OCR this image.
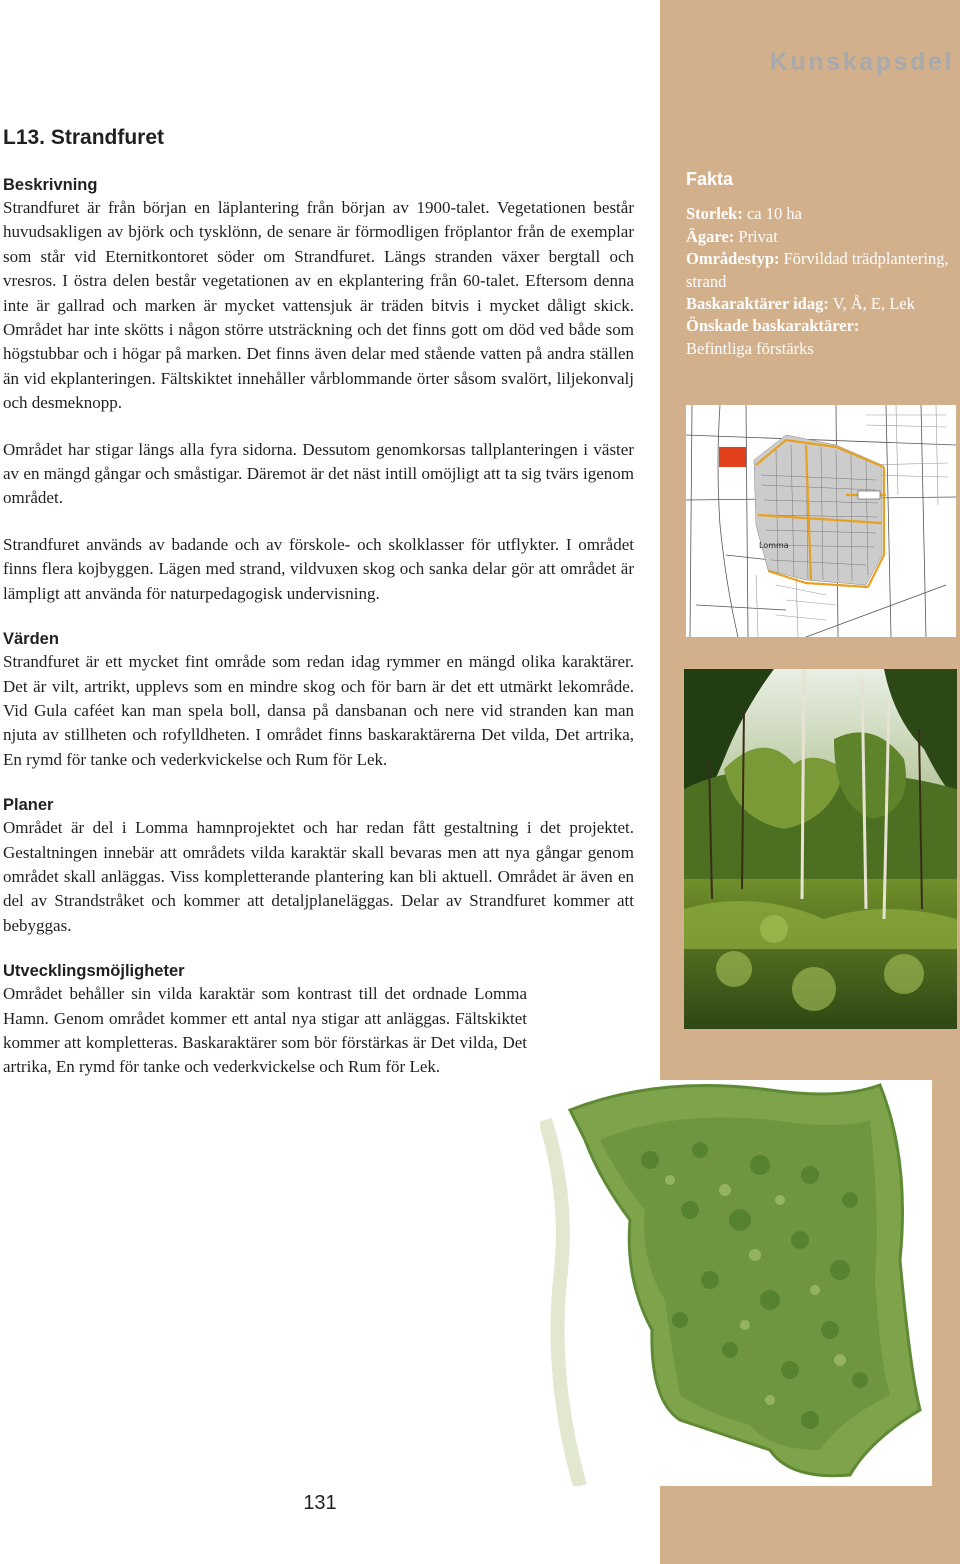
Kunskapsdel
L13. Strandfuret
Beskrivning

Strandfuret är från början en läplantering från början av 1900-talet. Vegetationen består huvudsakligen av björk och tysklönn, de senare är förmodligen fröplantor från de exemplar som står vid Eternitkontoret söder om Strandfuret. Längs stranden växer bergtall och vresros. I östra delen består vegetationen av en ekplantering från 60-talet. Eftersom denna inte är gallrad och marken är mycket vattensjuk är träden bitvis i mycket dåligt skick. Området har inte skötts i någon större utsträckning och det finns gott om död ved både som högstubbar och i högar på marken. Det finns även delar med stående vatten på andra ställen än vid ekplanteringen. Fältskiktet innehåller vårblommande örter såsom svalört, liljekonvalj och desmeknopp.

Området har stigar längs alla fyra sidorna. Dessutom genomkorsas tallplanteringen i väster av en mängd gångar och småstigar. Däremot är det näst intill omöjligt att ta sig tvärs igenom området.

Strandfuret används av badande och av förskole- och skolklasser för utflykter. I området finns flera kojbyggen. Lägen med strand, vildvuxen skog och sanka delar gör att området är lämpligt att använda för naturpedagogisk undervisning.

Värden

Strandfuret är ett mycket fint område som redan idag rymmer en mängd olika karaktärer. Det är vilt, artrikt, upplevs som en mindre skog och för barn är det ett utmärkt lekområde. Vid Gula caféet kan man spela boll, dansa på dansbanan och nere vid stranden kan man njuta av stillheten och rofylldheten. I området finns baskaraktärerna Det vilda, Det artrika, En rymd för tanke och vederkvickelse och Rum för Lek.

Planer

Området är del i Lomma hamnprojektet och har redan fått gestaltning i det projektet. Gestaltningen innebär att områdets vilda karaktär skall bevaras men att nya gångar genom området skall anläggas. Viss kompletterande plantering kan bli aktuell. Området är även en del av Strandstråket och kommer att detaljplaneläggas. Delar av Strandfuret kommer att bebyggas.

Utvecklingsmöjligheter

Området behåller sin vilda karaktär som kontrast till det ordnade Lomma Hamn. Genom området kommer ett antal nya stigar att anläggas. Fältskiktet kommer att kompletteras. Baskaraktärer som bör förstärkas är Det vilda, Det artrika, En rymd för tanke och vederkvickelse och Rum för Lek.

Fakta
Storlek: ca 10 ha
Ägare: Privat
Områdestyp: Förvildad trädplantering, strand
Baskaraktärer idag: V, Å, E, Lek
Önskade baskaraktärer:
Befintliga förstärks
Lomma
131
